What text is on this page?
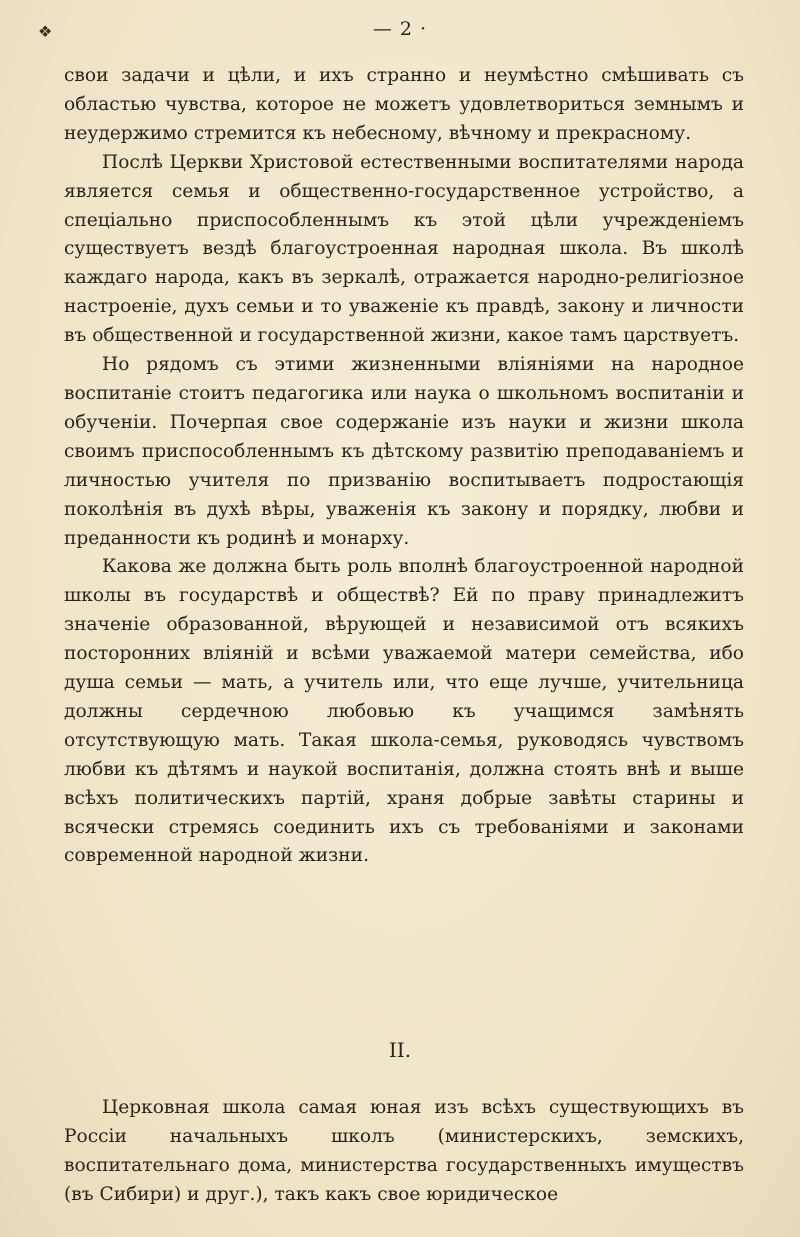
❖	— 2 ·

свои задачи и цѣли, и ихъ странно и неумѣстно смѣшивать съ областью чувства, которое не можетъ удовлетвориться земнымъ и неудержимо стремится къ небесному, вѣчному и прекрасному.

Послѣ Церкви Христовой естественными воспитателями народа является семья и общественно-государственное устройство, а спеціально приспособленнымъ къ этой цѣли учрежденіемъ существуетъ вездѣ благоустроенная народная школа. Въ школѣ каждаго народа, какъ въ зеркалѣ, отражается народно-религіозное настроеніе, духъ семьи и то уваженіе къ правдѣ, закону и личности въ общественной и государственной жизни, какое тамъ царствуетъ.

Но рядомъ съ этими жизненными вліяніями на народное воспитаніе стоитъ педагогика или наука о школьномъ воспитаніи и обученіи. Почерпая свое содержаніе изъ науки и жизни школа своимъ приспособленнымъ къ дѣтскому развитію преподаваніемъ и личностью учителя по призванію воспитываетъ подростающія поколѣнія въ духѣ вѣры, уваженія къ закону и порядку, любви и преданности къ родинѣ и монарху.

Какова же должна быть роль вполнѣ благоустроенной народной школы въ государствѣ и обществѣ? Ей по праву принадлежитъ значеніе образованной, вѣрующей и независимой отъ всякихъ посторонних вліяній и всѣми уважаемой матери семейства, ибо душа семьи — мать, а учитель или, что еще лучше, учительница должны сердечною любовью къ учащимся замѣнять отсутствующую мать. Такая школа-семья, руководясь чувствомъ любви къ дѣтямъ и наукой воспитанія, должна стоять внѣ и выше всѣхъ политическихъ партій, храня добрые завѣты старины и всячески стремясь соединить ихъ съ требованіями и законами современной народной жизни.

II.

Церковная школа самая юная изъ всѣхъ существующихъ въ Россіи начальныхъ школъ (министерскихъ, земскихъ, воспитательнаго дома, министерства государственныхъ имуществъ (въ Сибири) и друг.), такъ какъ свое юридическое
